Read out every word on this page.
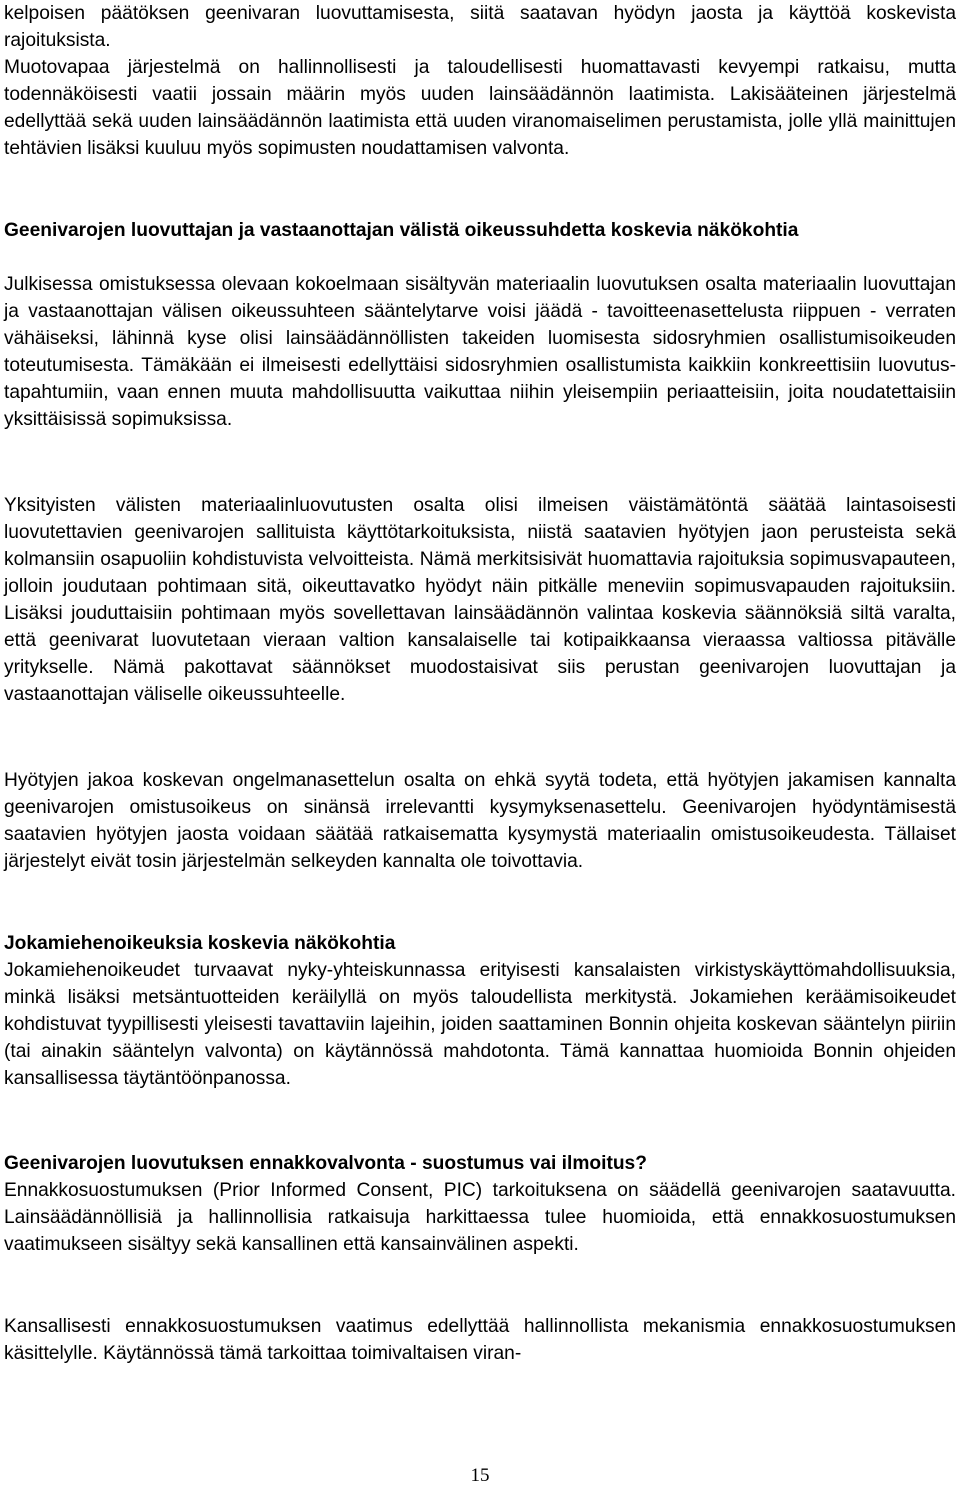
kelpoisen päätöksen geenivaran luovuttamisesta, siitä saatavan hyödyn jaosta ja käyttöä koskevista rajoituksista.

Muotovapaa järjestelmä on hallinnollisesti ja taloudellisesti huomattavasti kevyempi ratkaisu, mutta todennäköisesti vaatii jossain määrin myös uuden lainsäädännön laatimista. Lakisääteinen järjestelmä edellyttää sekä uuden lainsäädännön laatimista että uuden viranomaiselimen perustamista, jolle yllä mainittujen tehtävien lisäksi kuuluu myös sopimusten noudattamisen valvonta.

Geenivarojen luovuttajan ja vastaanottajan välistä oikeussuhdetta koskevia näkökohtia

Julkisessa omistuksessa olevaan kokoelmaan sisältyvän materiaalin luovutuksen osalta materiaalin luovuttajan ja vastaanottajan välisen oikeussuhteen sääntelytarve voisi jäädä - tavoitteenasettelusta riippuen - verraten vähäiseksi, lähinnä kyse olisi lainsäädännöllisten takeiden luomisesta sidosryhmien osallistumisoikeuden toteutumisesta. Tämäkään ei ilmeisesti edellyttäisi sidosryhmien osallistumista kaikkiin konkreettisiin luovutustapahtumiin, vaan ennen muuta mahdollisuutta vaikuttaa niihin yleisempiin periaatteisiin, joita noudatettaisiin yksittäisissä sopimuksissa.

Yksityisten välisten materiaalinluovutusten osalta olisi ilmeisen väistämätöntä säätää laintasoisesti luovutettavien geenivarojen sallituista käyttötarkoituksista, niistä saatavien hyötyjen jaon perusteista sekä kolmansiin osapuoliin kohdistuvista velvoitteista. Nämä merkitsisivät huomattavia rajoituksia sopimusvapauteen, jolloin joudutaan pohtimaan sitä, oikeuttavatko hyödyt näin pitkälle meneviin sopimusvapauden rajoituksiin. Lisäksi jouduttaisiin pohtimaan myös sovellettavan lainsäädännön valintaa koskevia säännöksiä siltä varalta, että geenivarat luovutetaan vieraan valtion kansalaiselle tai kotipaikkaansa vieraassa valtiossa pitävälle yritykselle. Nämä pakottavat säännökset muodostaisivat siis perustan geenivarojen luovuttajan ja vastaanottajan väliselle oikeussuhteelle.

Hyötyjen jakoa koskevan ongelmanasettelun osalta on ehkä syytä todeta, että hyötyjen jakamisen kannalta geenivarojen omistusoikeus on sinänsä irrelevantti kysymyksenasettelu. Geenivarojen hyödyntämisestä saatavien hyötyjen jaosta voidaan säätää ratkaisematta kysymystä materiaalin omistusoikeudesta. Tällaiset järjestelyt eivät tosin järjestelmän selkeyden kannalta ole toivottavia.

Jokamiehenoikeuksia koskevia näkökohtia

Jokamiehenoikeudet turvaavat nyky-yhteiskunnassa erityisesti kansalaisten virkistyskäyttömahdollisuuksia, minkä lisäksi metsäntuotteiden keräilyllä on myös taloudellista merkitystä. Jokamiehen keräämisoikeudet kohdistuvat tyypillisesti yleisesti tavattaviin lajeihin, joiden saattaminen Bonnin ohjeita koskevan sääntelyn piiriin (tai ainakin sääntelyn valvonta) on käytännössä mahdotonta. Tämä kannattaa huomioida Bonnin ohjeiden kansallisessa täytäntöönpanossa.

Geenivarojen luovutuksen ennakkovalvonta - suostumus vai ilmoitus?

Ennakkosuostumuksen (Prior Informed Consent, PIC) tarkoituksena on säädellä geenivarojen saatavuutta. Lainsäädännöllisiä ja hallinnollisia ratkaisuja harkittaessa tulee huomioida, että ennakkosuostumuksen vaatimukseen sisältyy sekä kansallinen että kansainvälinen aspekti.

Kansallisesti ennakkosuostumuksen vaatimus edellyttää hallinnollista mekanismia ennakkosuostumuksen käsittelylle. Käytännössä tämä tarkoittaa toimivaltaisen viran-

15
